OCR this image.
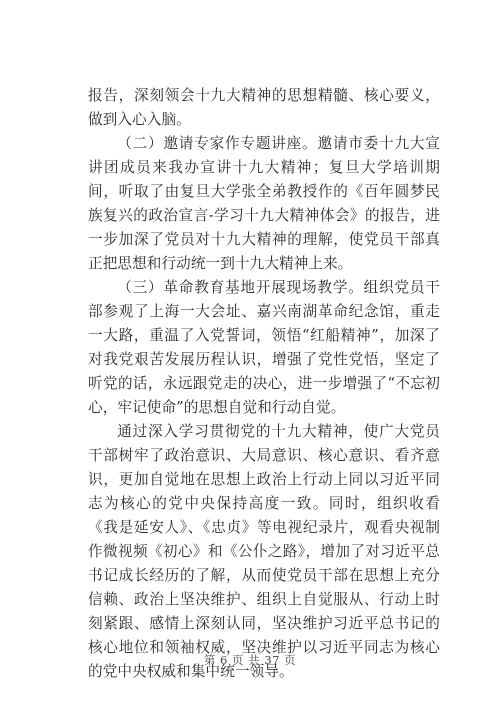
报告，深刻领会十九大精神的思想精髓、核心要义，做到入心入脑。

（二）邀请专家作专题讲座。邀请市委十九大宣讲团成员来我办宣讲十九大精神；复旦大学培训期间，听取了由复旦大学张全弟教授作的《百年圆梦民族复兴的政治宣言-学习十九大精神体会》的报告，进一步加深了党员对十九大精神的理解，使党员干部真正把思想和行动统一到十九大精神上来。

（三）革命教育基地开展现场教学。组织党员干部参观了上海一大会址、嘉兴南湖革命纪念馆，重走一大路，重温了入党誓词，领悟“红船精神”，加深了对我党艰苦发展历程认识，增强了党性党悟，坚定了听党的话，永远跟党走的决心，进一步增强了“不忘初心，牢记使命”的思想自觉和行动自觉。

通过深入学习贯彻党的十九大精神，使广大党员干部树牢了政治意识、大局意识、核心意识、看齐意识，更加自觉地在思想上政治上行动上同以习近平同志为核心的党中央保持高度一致。同时，组织收看《我是延安人》、《忠贞》等电视纪录片，观看央视制作微视频《初心》和《公仆之路》，增加了对习近平总书记成长经历的了解，从而使党员干部在思想上充分信赖、政治上坚决维护、组织上自觉服从、行动上时刻紧跟、感情上深刻认同，坚决维护习近平总书记的核心地位和领袖权威，坚决维护以习近平同志为核心的党中央权威和集中统一领导。

第 6 页 共 37 页
